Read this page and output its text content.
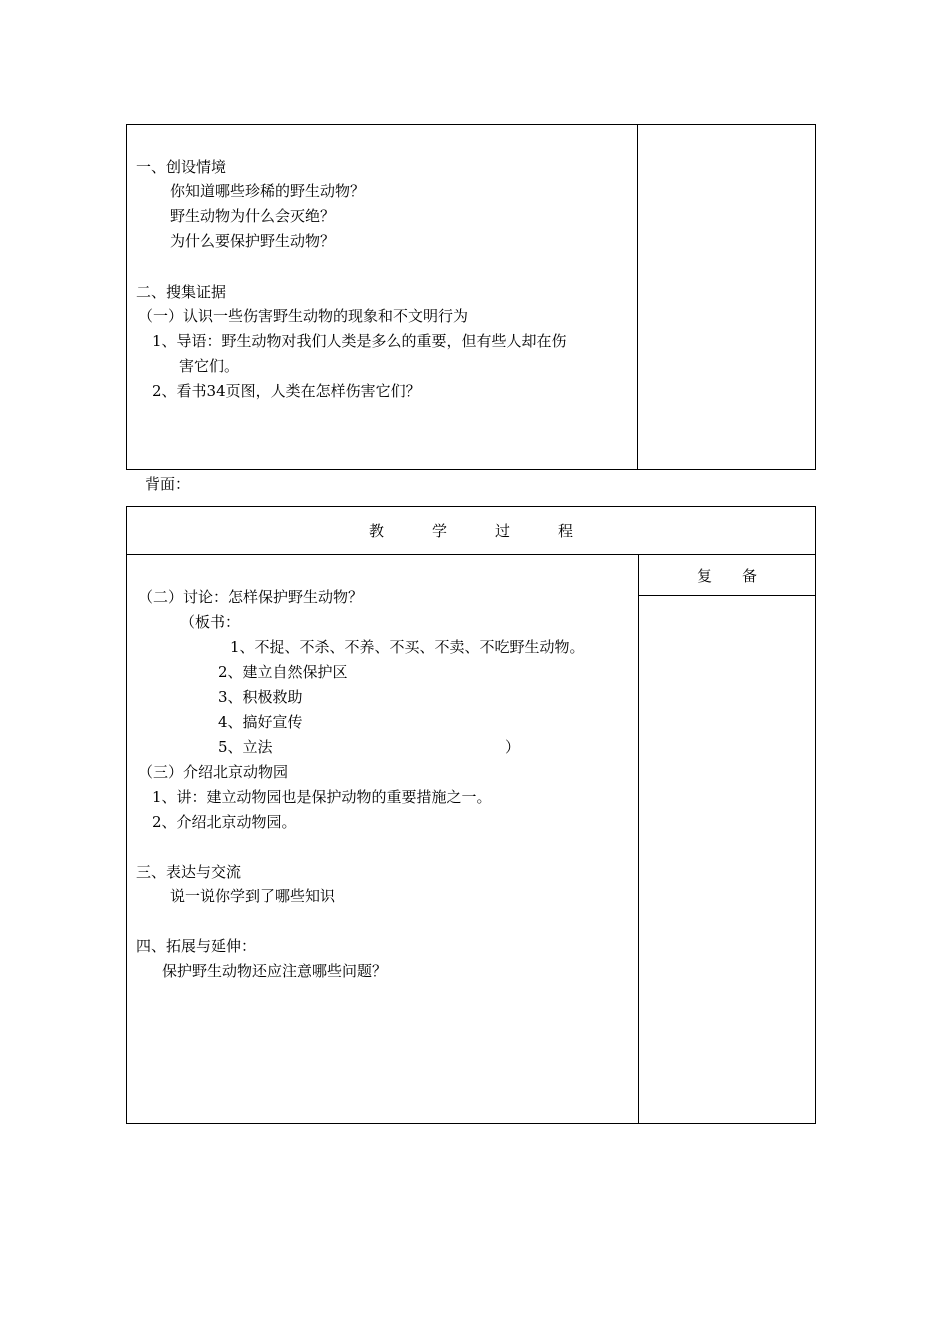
一、创设情境
你知道哪些珍稀的野生动物？
野生动物为什么会灭绝？
为什么要保护野生动物？
二、搜集证据
（一）认识一些伤害野生动物的现象和不文明行为
1、导语：野生动物对我们人类是多么的重要，但有些人却在伤
害它们。
2、看书34页图，人类在怎样伤害它们？
背面：
教	学	过	程
复　　备
（二）讨论：怎样保护野生动物？
（板书：
1、不捉、不杀、不养、不买、不卖、不吃野生动物。
2、建立自然保护区
3、积极救助
4、搞好宣传
5、立法	）
（三）介绍北京动物园
1、讲：建立动物园也是保护动物的重要措施之一。
2、介绍北京动物园。
三、表达与交流
说一说你学到了哪些知识
四、拓展与延伸：
保护野生动物还应注意哪些问题？
